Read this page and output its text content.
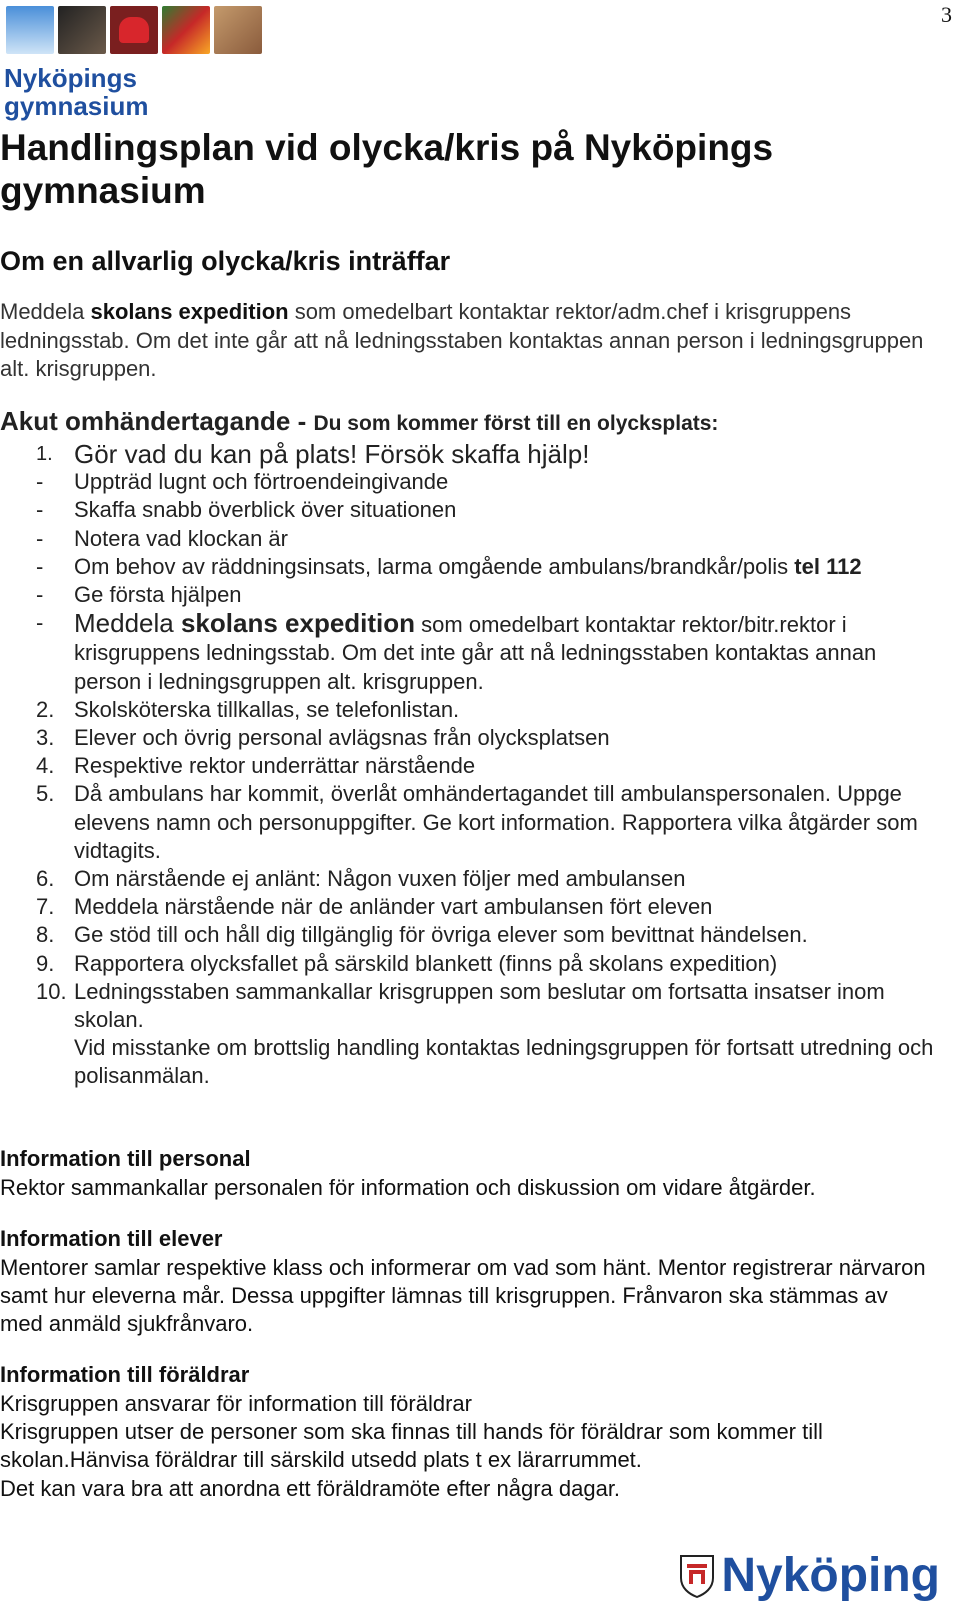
3
Nyköpings
gymnasium
Handlingsplan vid olycka/kris på Nyköpings gymnasium
Om en allvarlig olycka/kris inträffar
Meddela skolans expedition som omedelbart kontaktar rektor/adm.chef i krisgruppens ledningsstab. Om det inte går att nå ledningsstaben kontaktas annan person i ledningsgruppen alt. krisgruppen.
Akut omhändertagande - Du som kommer först till en olycksplats:
1. Gör vad du kan på plats! Försök skaffa hjälp!
-	Uppträd lugnt och förtroendeingivande
-	Skaffa snabb överblick över situationen
-	Notera vad klockan är
-	Om behov av räddningsinsats, larma omgående ambulans/brandkår/polis tel 112
-	Ge första hjälpen
-	Meddela skolans expedition som omedelbart kontaktar rektor/bitr.rektor i krisgruppens ledningsstab. Om det inte går att nå ledningsstaben kontaktas annan person i ledningsgruppen alt. krisgruppen.
2. Skolsköterska tillkallas, se telefonlistan.
3. Elever och övrig personal avlägsnas från olycksplatsen
4. Respektive rektor underrättar närstående
5. Då ambulans har kommit, överlåt omhändertagandet till ambulanspersonalen. Uppge elevens namn och personuppgifter. Ge kort information. Rapportera vilka åtgärder som vidtagits.
6. Om närstående ej anlänt: Någon vuxen följer med ambulansen
7. Meddela närstående när de anländer vart ambulansen fört eleven
8. Ge stöd till och håll dig tillgänglig för övriga elever som bevittnat händelsen.
9. Rapportera olycksfallet på särskild blankett (finns på skolans expedition)
10. Ledningsstaben sammankallar krisgruppen som beslutar om fortsatta insatser inom skolan.
Vid misstanke om brottslig handling kontaktas ledningsgruppen för fortsatt utredning och polisanmälan.
Information till personal
Rektor sammankallar personalen för information och diskussion om vidare åtgärder.
Information till elever
Mentorer samlar respektive klass och informerar om vad som hänt. Mentor registrerar närvaron samt hur eleverna mår. Dessa uppgifter lämnas till krisgruppen. Frånvaron ska stämmas av med anmäld sjukfrånvaro.
Information till föräldrar

Krisgruppen ansvarar för information till föräldrar

Krisgruppen utser de personer som ska finnas till hands för föräldrar som kommer till skolan.Hänvisa föräldrar till särskild utsedd plats t ex lärarrummet.

Det kan vara bra att anordna ett föräldramöte efter några dagar.

Nyköping
